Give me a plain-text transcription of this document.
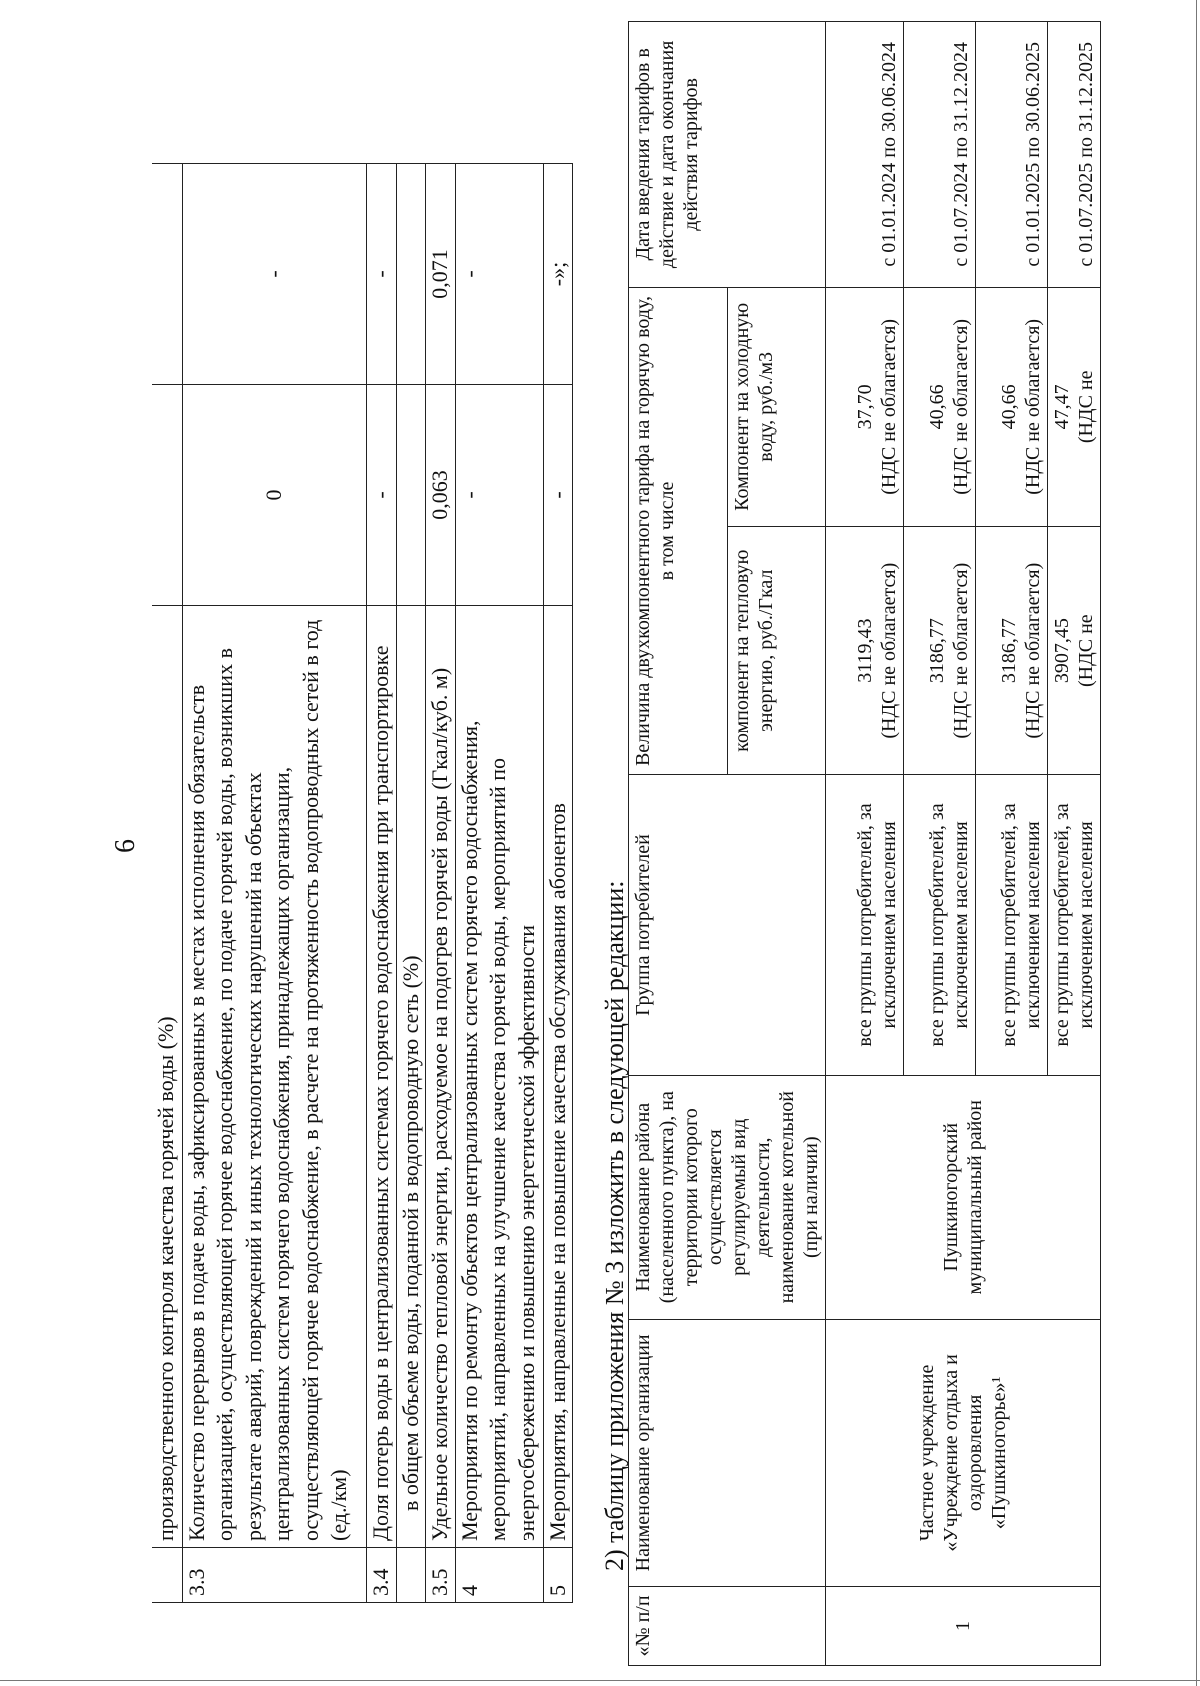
6
	производственного контроля качества горячей воды (%)		
3.3	Количество перерывов в подаче воды, зафиксированных в местах исполнения обязательств организацией, осуществляющей горячее водоснабжение, по подаче горячей воды, возникших в результате аварий, повреждений и иных технологических нарушений на объектах централизованных систем горячего водоснабжения, принадлежащих организации, осуществляющей горячее водоснабжение, в расчете на протяженность водопроводных сетей в год (ед./км)	0	-
3.4	Доля потерь воды в централизованных системах горячего водоснабжения при транспортировке	-	-
	в общем объеме воды, поданной в водопроводную сеть (%)		
3.5	Удельное количество тепловой энергии, расходуемое на подогрев горячей воды (Гкал/куб. м)	0,063	0,071
4	Мероприятия по ремонту объектов централизованных систем горячего водоснабжения, мероприятий, направленных на улучшение качества горячей воды, мероприятий по энергосбережению и повышению энергетической эффективности	-	-
5	Мероприятия, направленные на повышение качества обслуживания абонентов	-	-»;
2) таблицу приложения № 3 изложить в следующей редакции:
«№ п/п	Наименование организации	Наименование района (населенного пункта), на территории которого осуществляется регулируемый вид деятельности, наименование котельной (при наличии)	Группа потребителей	Величина двухкомпонентного тарифа на горячую воду, в том числе		Дата введения тарифов в действие и дата окончания действия тарифов
				компонент на тепловую энергию, руб./Гкал	Компонент на холодную воду, руб./м3	
1	Частное учреждение «Учреждение отдыха и оздоровления «Пушкиногорье»¹	Пушкиногорский муниципальный район	все группы потребителей, за исключением населения	3119,43 (НДС не облагается)	37,70 (НДС не облагается)	с 01.01.2024 по 30.06.2024
			все группы потребителей, за исключением населения	3186,77 (НДС не облагается)	40,66 (НДС не облагается)	с 01.07.2024 по 31.12.2024
			все группы потребителей, за исключением населения	3186,77 (НДС не облагается)	40,66 (НДС не облагается)	с 01.01.2025 по 30.06.2025
			все группы потребителей, за исключением населения	3907,45 (НДС не	47,47 (НДС не	с 01.07.2025 по 31.12.2025
